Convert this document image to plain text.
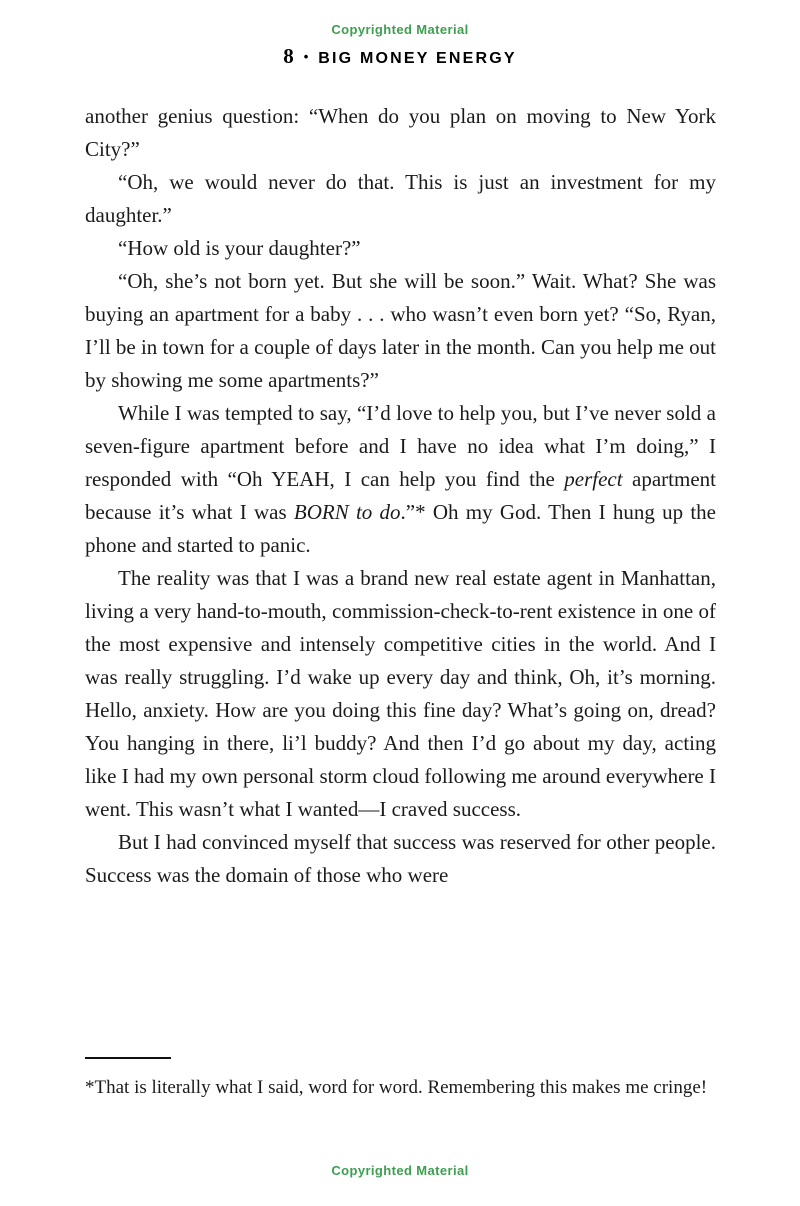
Copyrighted Material
8 • BIG MONEY ENERGY

another genius question: “When do you plan on moving to New York City?”

“Oh, we would never do that. This is just an investment for my daughter.”

“How old is your daughter?”

“Oh, she’s not born yet. But she will be soon.” Wait. What? She was buying an apartment for a baby . . . who wasn’t even born yet? “So, Ryan, I’ll be in town for a couple of days later in the month. Can you help me out by showing me some apartments?”

While I was tempted to say, “I’d love to help you, but I’ve never sold a seven-figure apartment before and I have no idea what I’m doing,” I responded with “Oh YEAH, I can help you find the perfect apartment because it’s what I was BORN to do.”* Oh my God. Then I hung up the phone and started to panic.

The reality was that I was a brand new real estate agent in Manhattan, living a very hand-to-mouth, commission-check-to-rent existence in one of the most expensive and intensely competitive cities in the world. And I was really struggling. I’d wake up every day and think, Oh, it’s morning. Hello, anxiety. How are you doing this fine day? What’s going on, dread? You hanging in there, li’l buddy? And then I’d go about my day, acting like I had my own personal storm cloud following me around everywhere I went. This wasn’t what I wanted—I craved success.

But I had convinced myself that success was reserved for other people. Success was the domain of those who were

*That is literally what I said, word for word. Remembering this makes me cringe!
Copyrighted Material
